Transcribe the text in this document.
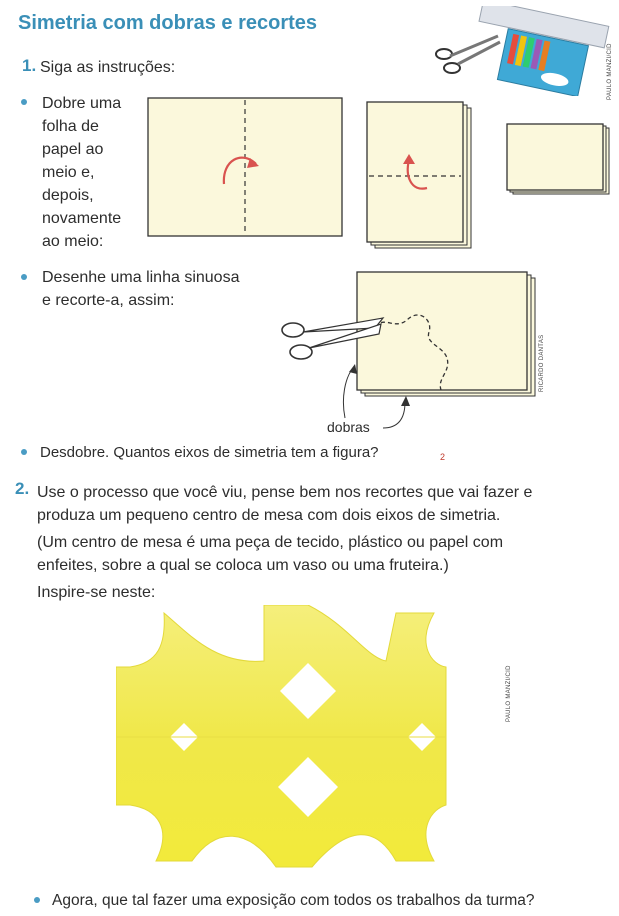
Simetria com dobras e recortes
PAULO MANZI/CID
1. Siga as instruções:
Dobre uma
folha de
papel ao
meio e,
depois,
novamente
ao meio:
Desenhe uma linha sinuosa
e recorte-a, assim:
dobras
RICARDO DANTAS
Desdobre. Quantos eixos de simetria tem a figura?	2
2. Use o processo que você viu, pense bem nos recortes que vai fazer e
produza um pequeno centro de mesa com dois eixos de simetria.
(Um centro de mesa é uma peça de tecido, plástico ou papel com
enfeites, sobre a qual se coloca um vaso ou uma fruteira.)
Inspire-se neste:
PAULO MANZI/CID
Agora, que tal fazer uma exposição com todos os trabalhos da turma?
